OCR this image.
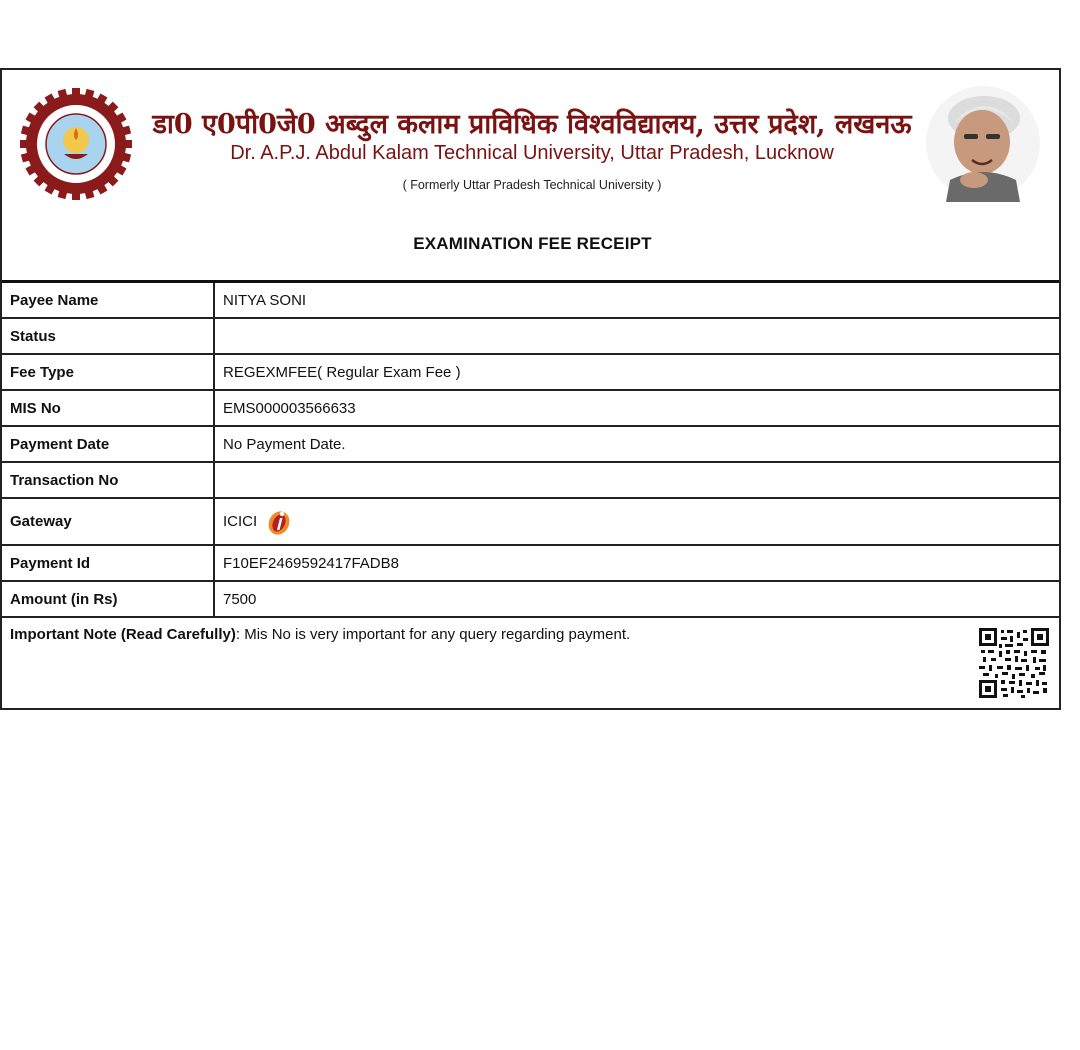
डा0 ए0पी0जे0 अब्दुल कलाम प्राविधिक विश्वविद्यालय, उत्तर प्रदेश, लखनऊ
Dr. A.P.J. Abdul Kalam Technical University, Uttar Pradesh, Lucknow
( Formerly Uttar Pradesh Technical University )
EXAMINATION FEE RECEIPT
Payee Name	NITYA SONI
Status	
Fee Type	REGEXMFEE( Regular Exam Fee )
MIS No	EMS000003566633
Payment Date	No Payment Date.
Transaction No	
Gateway	ICICI

Payment Id	F10EF2469592417FADB8
Amount (in Rs)	7500
Important Note (Read Carefully): Mis No is very important for any query regarding payment.
